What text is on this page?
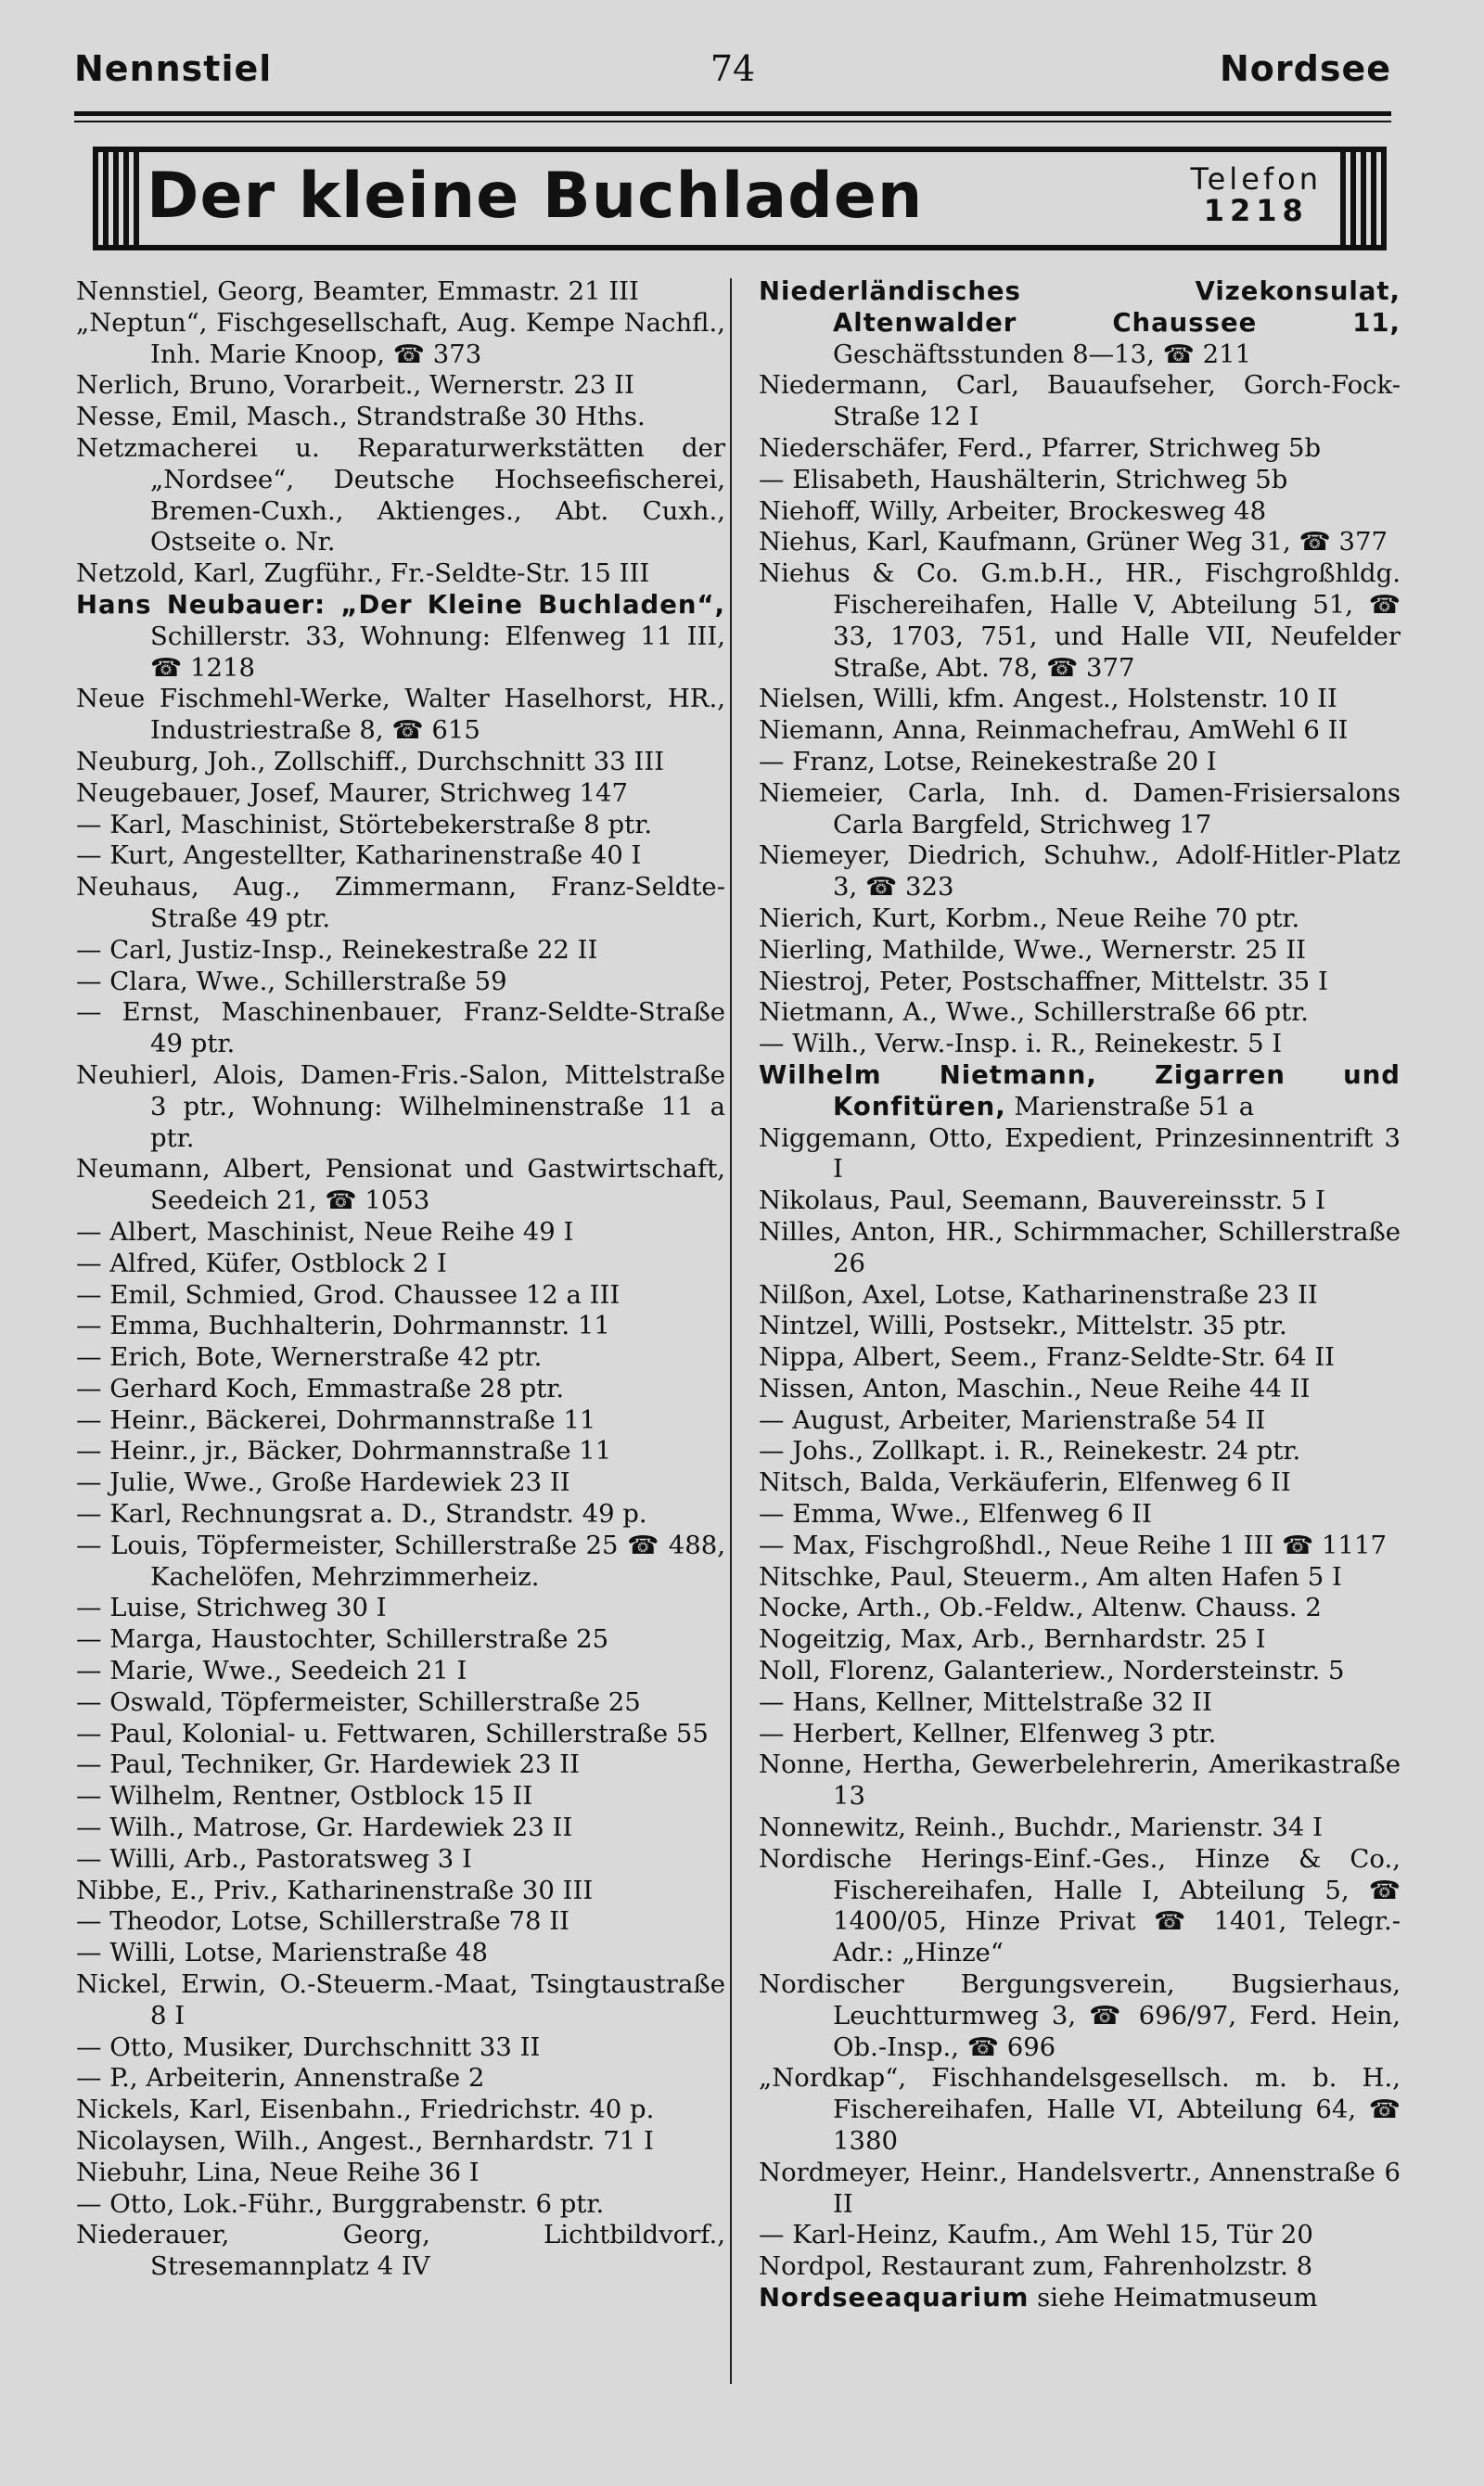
Nennstiel	74	Nordsee
Der kleine Buchladen	Telefon
1218
Nennstiel, Georg, Beamter, Emmastr. 21 III
„Neptun“, Fischgesellschaft, Aug. Kempe Nachfl., Inh. Marie Knoop, ☎ 373
Nerlich, Bruno, Vorarbeit., Wernerstr. 23 II
Nesse, Emil, Masch., Strandstraße 30 Hths.
Netzmacherei u. Reparaturwerkstätten der „Nordsee“, Deutsche Hochseefischerei, Bremen-Cuxh., Aktienges., Abt. Cuxh., Ostseite o. Nr.
Netzold, Karl, Zugführ., Fr.-Seldte-Str. 15 III
Hans Neubauer: „Der Kleine Buchladen“, Schillerstr. 33, Wohnung: Elfenweg 11 III, ☎ 1218
Neue Fischmehl-Werke, Walter Haselhorst, HR., Industriestraße 8, ☎ 615
Neuburg, Joh., Zollschiff., Durchschnitt 33 III
Neugebauer, Josef, Maurer, Strichweg 147
— Karl, Maschinist, Störtebekerstraße 8 ptr.
— Kurt, Angestellter, Katharinenstraße 40 I
Neuhaus, Aug., Zimmermann, Franz-Seldte-Straße 49 ptr.
— Carl, Justiz-Insp., Reinekestraße 22 II
— Clara, Wwe., Schillerstraße 59
— Ernst, Maschinenbauer, Franz-Seldte-Straße 49 ptr.
Neuhierl, Alois, Damen-Fris.-Salon, Mittelstraße 3 ptr., Wohnung: Wilhelminenstraße 11 a ptr.
Neumann, Albert, Pensionat und Gastwirtschaft, Seedeich 21, ☎ 1053
— Albert, Maschinist, Neue Reihe 49 I
— Alfred, Küfer, Ostblock 2 I
— Emil, Schmied, Grod. Chaussee 12 a III
— Emma, Buchhalterin, Dohrmannstr. 11
— Erich, Bote, Wernerstraße 42 ptr.
— Gerhard Koch, Emmastraße 28 ptr.
— Heinr., Bäckerei, Dohrmannstraße 11
— Heinr., jr., Bäcker, Dohrmannstraße 11
— Julie, Wwe., Große Hardewiek 23 II
— Karl, Rechnungsrat a. D., Strandstr. 49 p.
— Louis, Töpfermeister, Schillerstraße 25 ☎ 488, Kachelöfen, Mehrzimmerheiz.
— Luise, Strichweg 30 I
— Marga, Haustochter, Schillerstraße 25
— Marie, Wwe., Seedeich 21 I
— Oswald, Töpfermeister, Schillerstraße 25
— Paul, Kolonial- u. Fettwaren, Schillerstraße 55
— Paul, Techniker, Gr. Hardewiek 23 II
— Wilhelm, Rentner, Ostblock 15 II
— Wilh., Matrose, Gr. Hardewiek 23 II
— Willi, Arb., Pastoratsweg 3 I
Nibbe, E., Priv., Katharinenstraße 30 III
— Theodor, Lotse, Schillerstraße 78 II
— Willi, Lotse, Marienstraße 48
Nickel, Erwin, O.-Steuerm.-Maat, Tsingtaustraße 8 I
— Otto, Musiker, Durchschnitt 33 II
— P., Arbeiterin, Annenstraße 2
Nickels, Karl, Eisenbahn., Friedrichstr. 40 p.
Nicolaysen, Wilh., Angest., Bernhardstr. 71 I
Niebuhr, Lina, Neue Reihe 36 I
— Otto, Lok.-Führ., Burggrabenstr. 6 ptr.
Niederauer, Georg, Lichtbildvorf., Stresemannplatz 4 IV
Niederländisches Vizekonsulat, Altenwalder Chaussee 11, Geschäftsstunden 8—13, ☎ 211
Niedermann, Carl, Bauaufseher, Gorch-Fock-Straße 12 I
Niederschäfer, Ferd., Pfarrer, Strichweg 5b
— Elisabeth, Haushälterin, Strichweg 5b
Niehoff, Willy, Arbeiter, Brockesweg 48
Niehus, Karl, Kaufmann, Grüner Weg 31, ☎ 377
Niehus & Co. G.m.b.H., HR., Fischgroßhldg. Fischereihafen, Halle V, Abteilung 51, ☎ 33, 1703, 751, und Halle VII, Neufelder Straße, Abt. 78, ☎ 377
Nielsen, Willi, kfm. Angest., Holstenstr. 10 II
Niemann, Anna, Reinmachefrau, AmWehl 6 II
— Franz, Lotse, Reinekestraße 20 I
Niemeier, Carla, Inh. d. Damen-Frisiersalons Carla Bargfeld, Strichweg 17
Niemeyer, Diedrich, Schuhw., Adolf-Hitler-Platz 3, ☎ 323
Nierich, Kurt, Korbm., Neue Reihe 70 ptr.
Nierling, Mathilde, Wwe., Wernerstr. 25 II
Niestroj, Peter, Postschaffner, Mittelstr. 35 I
Nietmann, A., Wwe., Schillerstraße 66 ptr.
— Wilh., Verw.-Insp. i. R., Reinekestr. 5 I
Wilhelm Nietmann, Zigarren und Konfitüren, Marienstraße 51 a
Niggemann, Otto, Expedient, Prinzesinnentrift 3 I
Nikolaus, Paul, Seemann, Bauvereinsstr. 5 I
Nilles, Anton, HR., Schirmmacher, Schillerstraße 26
Nilßon, Axel, Lotse, Katharinenstraße 23 II
Nintzel, Willi, Postsekr., Mittelstr. 35 ptr.
Nippa, Albert, Seem., Franz-Seldte-Str. 64 II
Nissen, Anton, Maschin., Neue Reihe 44 II
— August, Arbeiter, Marienstraße 54 II
— Johs., Zollkapt. i. R., Reinekestr. 24 ptr.
Nitsch, Balda, Verkäuferin, Elfenweg 6 II
— Emma, Wwe., Elfenweg 6 II
— Max, Fischgroßhdl., Neue Reihe 1 III ☎ 1117
Nitschke, Paul, Steuerm., Am alten Hafen 5 I
Nocke, Arth., Ob.-Feldw., Altenw. Chauss. 2
Nogeitzig, Max, Arb., Bernhardstr. 25 I
Noll, Florenz, Galanteriew., Nordersteinstr. 5
— Hans, Kellner, Mittelstraße 32 II
— Herbert, Kellner, Elfenweg 3 ptr.
Nonne, Hertha, Gewerbelehrerin, Amerikastraße 13
Nonnewitz, Reinh., Buchdr., Marienstr. 34 I
Nordische Herings-Einf.-Ges., Hinze & Co., Fischereihafen, Halle I, Abteilung 5, ☎ 1400/05, Hinze Privat ☎ 1401, Telegr.-Adr.: „Hinze“
Nordischer Bergungsverein, Bugsierhaus, Leuchtturmweg 3, ☎ 696/97, Ferd. Hein, Ob.-Insp., ☎ 696
„Nordkap“, Fischhandelsgesellsch. m. b. H., Fischereihafen, Halle VI, Abteilung 64, ☎ 1380
Nordmeyer, Heinr., Handelsvertr., Annenstraße 6 II
— Karl-Heinz, Kaufm., Am Wehl 15, Tür 20
Nordpol, Restaurant zum, Fahrenholzstr. 8
Nordseeaquarium siehe Heimatmuseum
